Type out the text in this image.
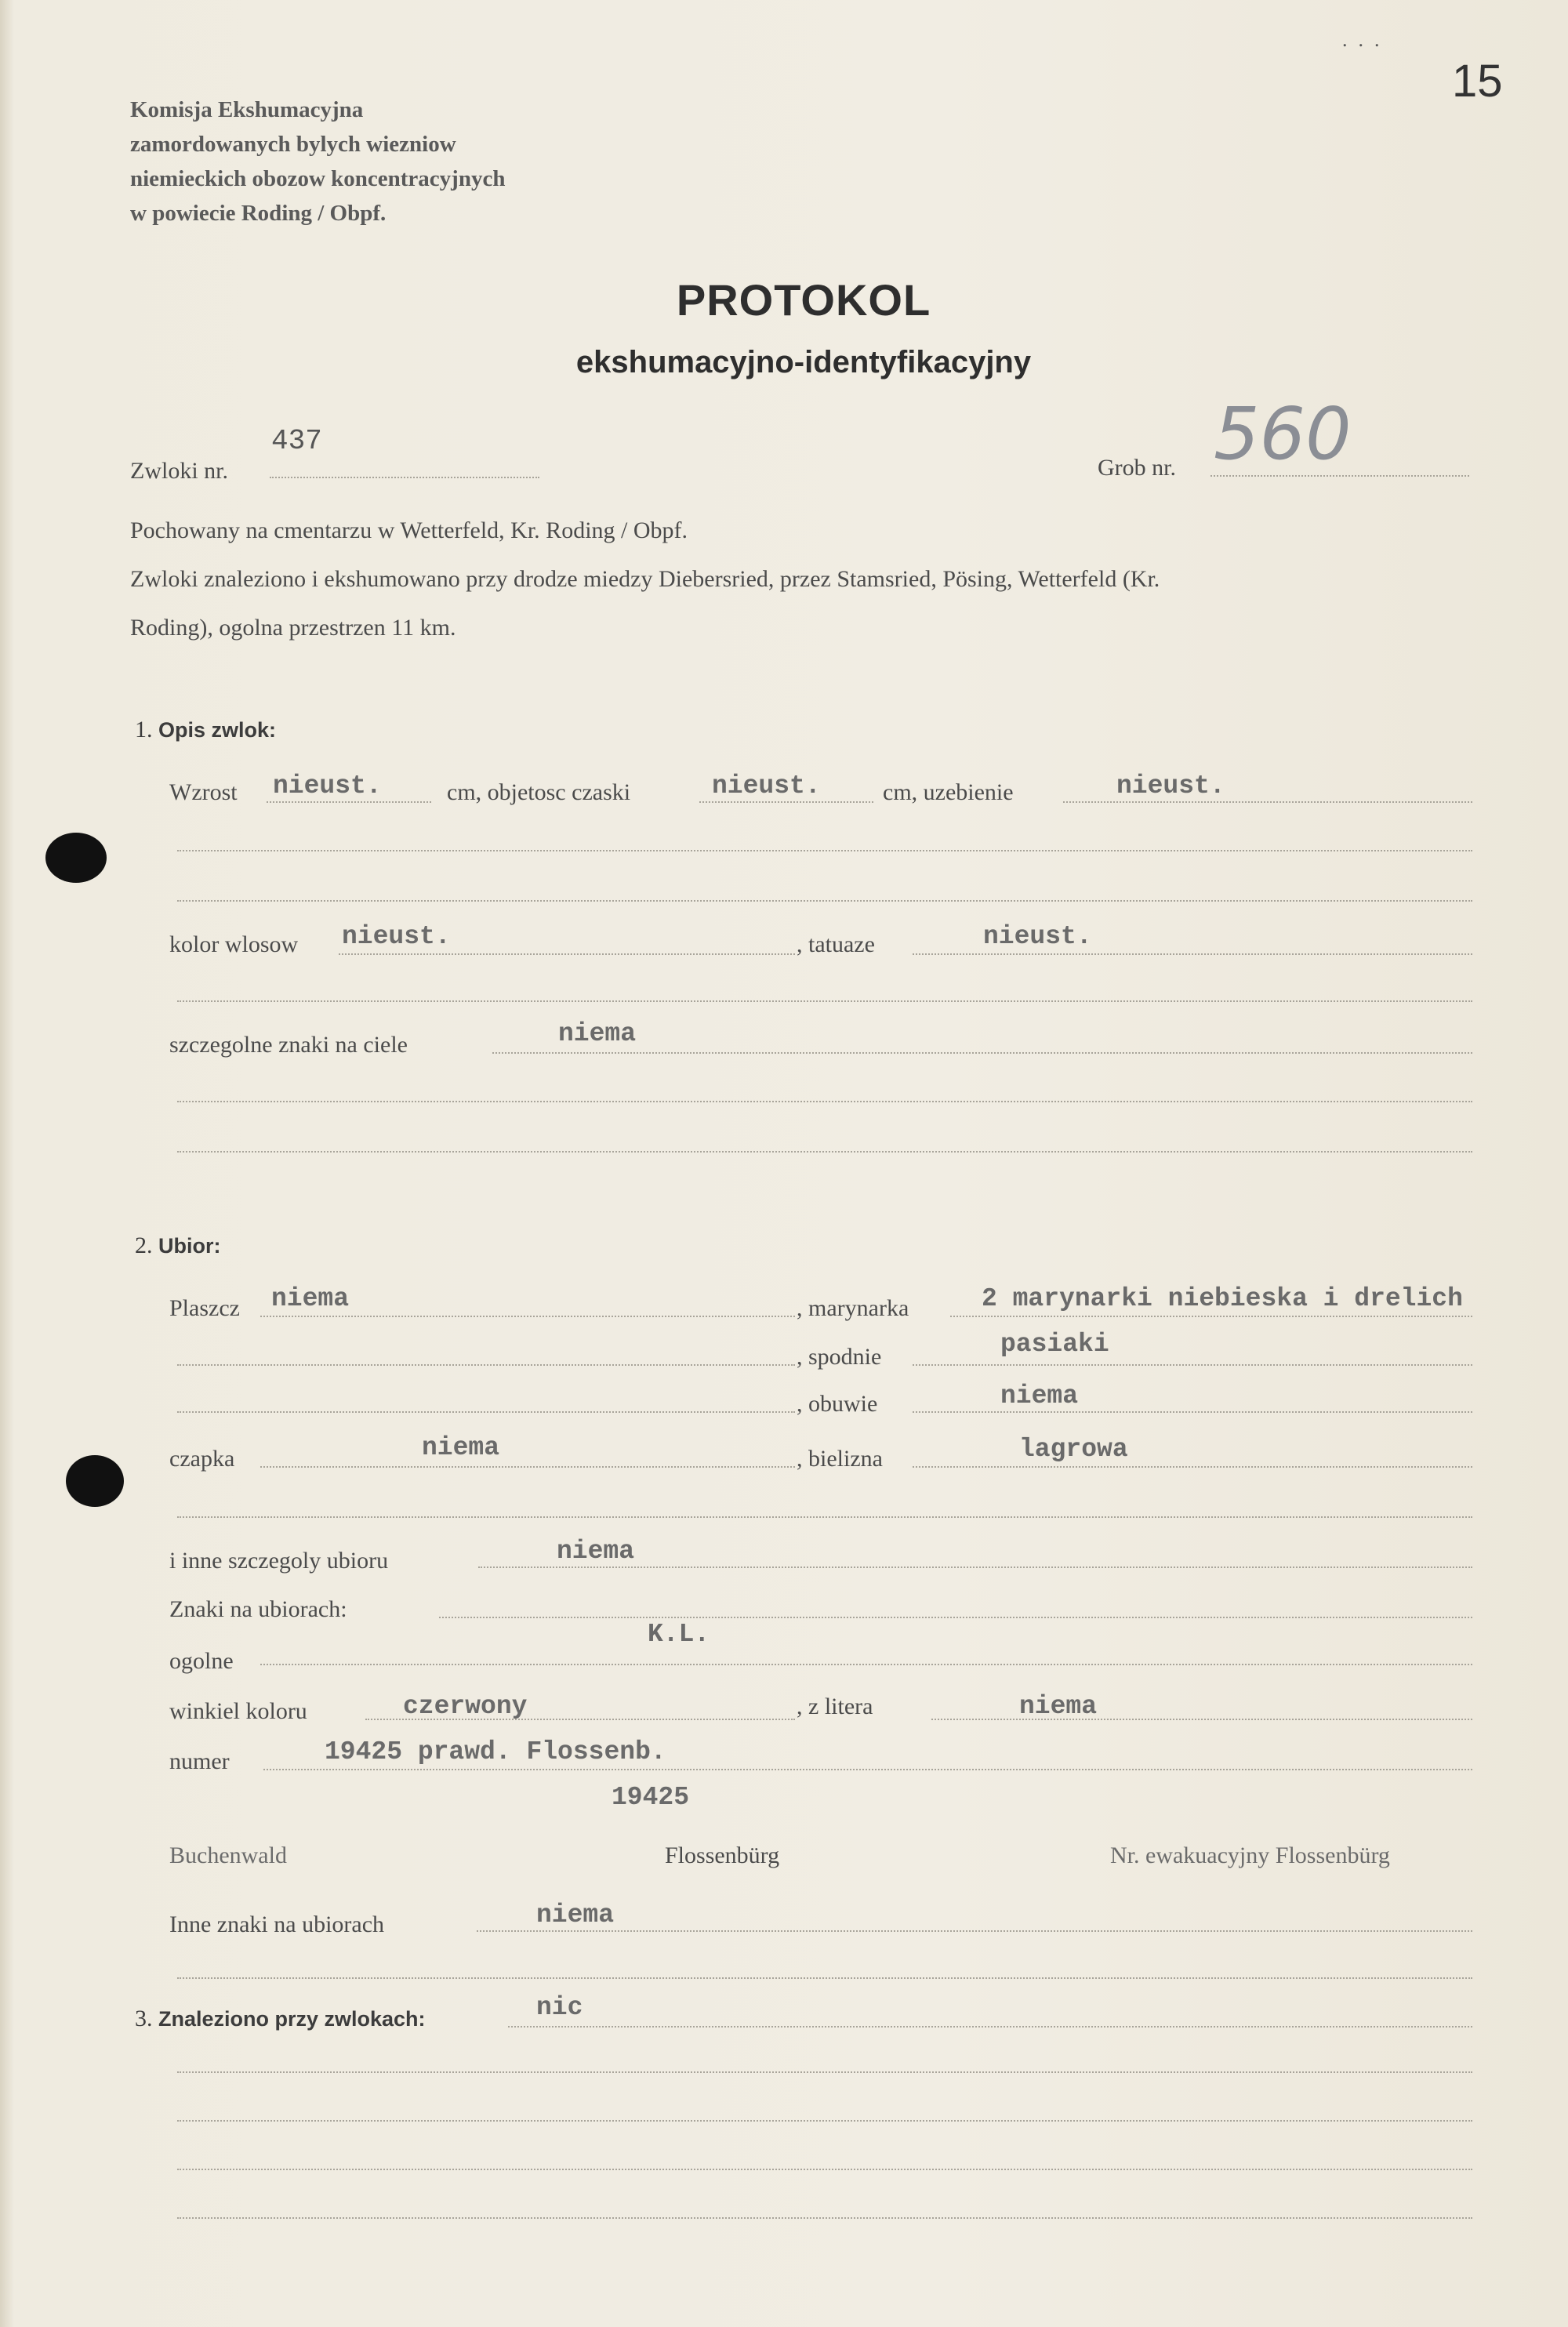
15
...
Komisja Ekshumacyjna
zamordowanych bylych wiezniow
niemieckich obozow koncentracyjnych
w powiecie Roding / Obpf.
PROTOKOL
ekshumacyjno-identyfikacyjny
Zwloki nr.
437
Grob nr. 560
Pochowany na cmentarzu w Wetterfeld, Kr. Roding / Obpf.
Zwloki znaleziono i ekshumowano przy drodze miedzy Diebersried, przez Stamsried, Pösing, Wetterfeld (Kr.
Roding), ogolna przestrzen 11 km.
1. Opis zwlok:
Wzrost nieust.	cm, objetosc czaski	nieust.	cm, uzebienie	nieust.
kolor wlosow nieust.	, tatuaze	nieust.
szczegolne znaki na ciele	niema
2. Ubior:
Plaszcz niema	, marynarka	2 marynarki niebieska i drelich
, spodnie	pasiaki
, obuwie	niema
czapka	niema	, bielizna	lagrowa
i inne szczegoly ubioru	niema
Znaki na ubiorach:
ogolne
K.L.
winkiel koloru	czerwony	, z litera	niema
numer	19425 prawd. Flossenb.
19425
Buchenwald	Flossenbürg	Nr. ewakuacyjny Flossenbürg
Inne znaki na ubiorach	niema
3. Znaleziono przy zwlokach:	nic
